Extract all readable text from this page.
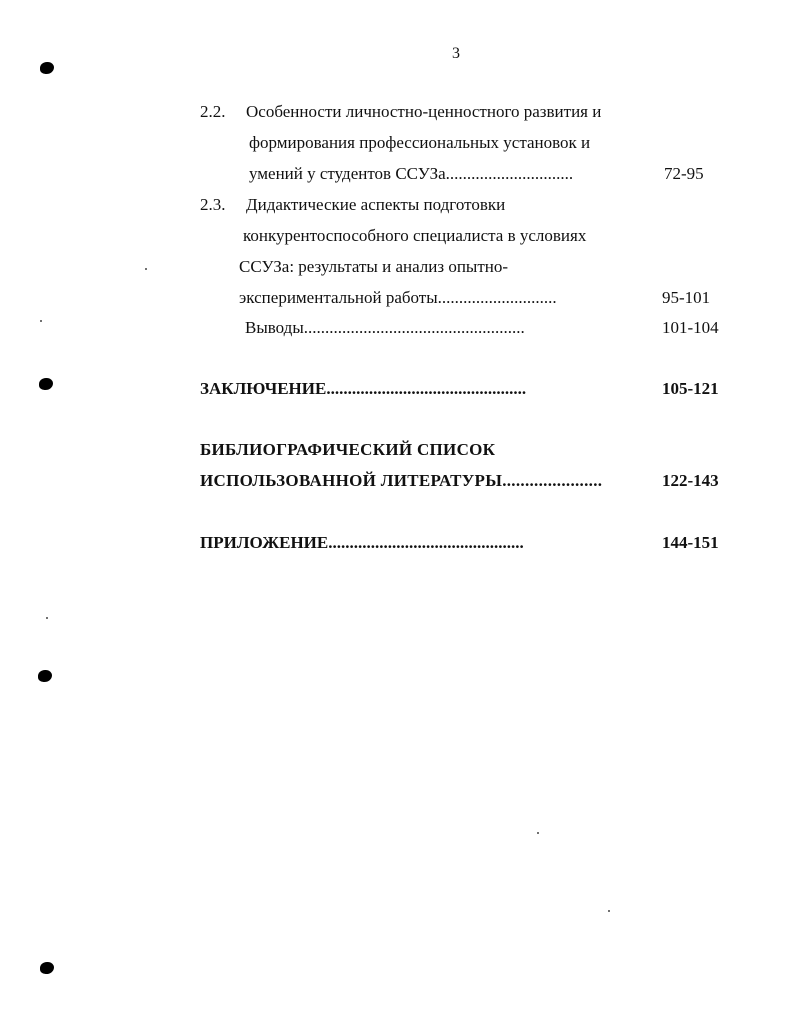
3
2.2. Особенности личностно-ценностного развития и
формирования профессиональных установок и
умений у студентов ССУЗа..............................	72-95
2.3. Дидактические аспекты подготовки
конкурентоспособного специалиста в условиях
ССУЗа: результаты и анализ опытно-
экспериментальной работы............................	95-101
Выводы....................................................	101-104
ЗАКЛЮЧЕНИЕ...............................................	105-121
БИБЛИОГРАФИЧЕСКИЙ СПИСОК
ИСПОЛЬЗОВАННОЙ ЛИТЕРАТУРЫ......................	122-143
ПРИЛОЖЕНИЕ..............................................	144-151
